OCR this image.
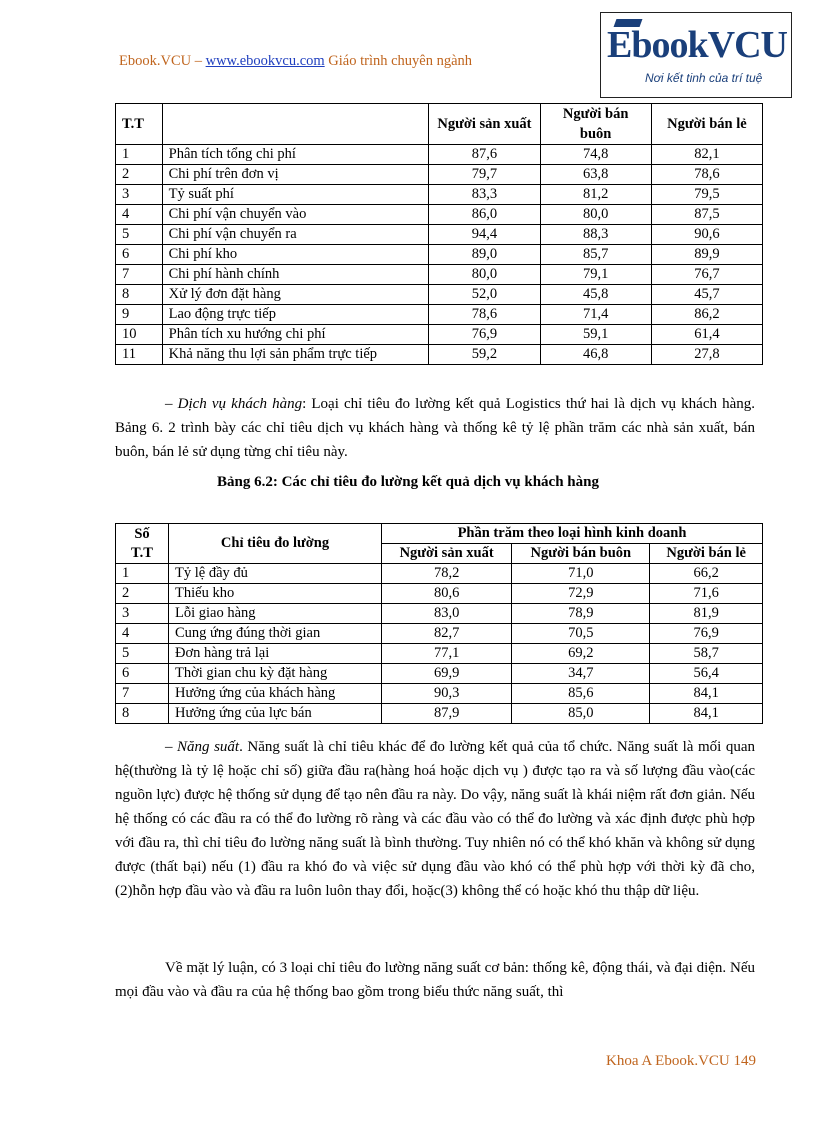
Ebook.VCU – www.ebookvcu.com Giáo trình chuyên ngành	EbookVCU
Nơi kết tinh của trí tuệ
T.T		Người sản xuất	Người bán buôn	Người bán lẻ
1	Phân tích tổng chi phí	87,6	74,8	82,1
2	Chi phí trên đơn vị	79,7	63,8	78,6
3	Tỷ suất phí	83,3	81,2	79,5
4	Chi phí vận chuyển vào	86,0	80,0	87,5
5	Chi phí vận chuyển ra	94,4	88,3	90,6
6	Chi phí kho	89,0	85,7	89,9
7	Chi phí hành chính	80,0	79,1	76,7
8	Xử lý đơn đặt hàng	52,0	45,8	45,7
9	Lao động trực tiếp	78,6	71,4	86,2
10	Phân tích xu hướng chi phí	76,9	59,1	61,4
11	Khả năng thu lợi sản phẩm trực tiếp	59,2	46,8	27,8

– Dịch vụ khách hàng: Loại chỉ tiêu đo lường kết quả Logistics thứ hai là dịch vụ khách hàng. Bảng 6. 2 trình bày các chỉ tiêu dịch vụ khách hàng và thống kê tỷ lệ phần trăm các nhà sản xuất, bán buôn, bán lẻ sử dụng từng chỉ tiêu này.

Bảng 6.2: Các chỉ tiêu đo lường kết quả dịch vụ khách hàng
Số T.T	Chỉ tiêu đo lường	Phần trăm theo loại hình kinh doanh		
		Người sản xuất	Người bán buôn	Người bán lẻ
1	Tỷ lệ đầy đủ	78,2	71,0	66,2
2	Thiếu kho	80,6	72,9	71,6
3	Lỗi giao hàng	83,0	78,9	81,9
4	Cung ứng đúng thời gian	82,7	70,5	76,9
5	Đơn hàng trả lại	77,1	69,2	58,7
6	Thời gian chu kỳ đặt hàng	69,9	34,7	56,4
7	Hưởng ứng của khách hàng	90,3	85,6	84,1
8	Hưởng ứng của lực bán	87,9	85,0	84,1

– Năng suất. Năng suất là chỉ tiêu khác để đo lường kết quả của tổ chức. Năng suất là mối quan hệ(thường là tỷ lệ hoặc chỉ số) giữa đầu ra(hàng hoá hoặc dịch vụ ) được tạo ra và số lượng đầu vào(các nguồn lực) được hệ thống sử dụng để tạo nên đầu ra này. Do vậy, năng suất là khái niệm rất đơn giản. Nếu hệ thống có các đầu ra có thể đo lường rõ ràng và các đầu vào có thể đo lường và xác định được phù hợp với đầu ra, thì chỉ tiêu đo lường năng suất là bình thường. Tuy nhiên nó có thể khó khăn và không sử dụng được (thất bại) nếu (1) đầu ra khó đo và việc sử dụng đầu vào khó có thể phù hợp với thời kỳ đã cho, (2)hỗn hợp đầu vào và đầu ra luôn luôn thay đổi, hoặc(3) không thể có hoặc khó thu thập dữ liệu.

Về mặt lý luận, có 3 loại chỉ tiêu đo lường năng suất cơ bản: thống kê, động thái, và đại diện. Nếu mọi đầu vào và đầu ra của hệ thống bao gồm trong biểu thức năng suất, thì

Khoa A Ebook.VCU 149
